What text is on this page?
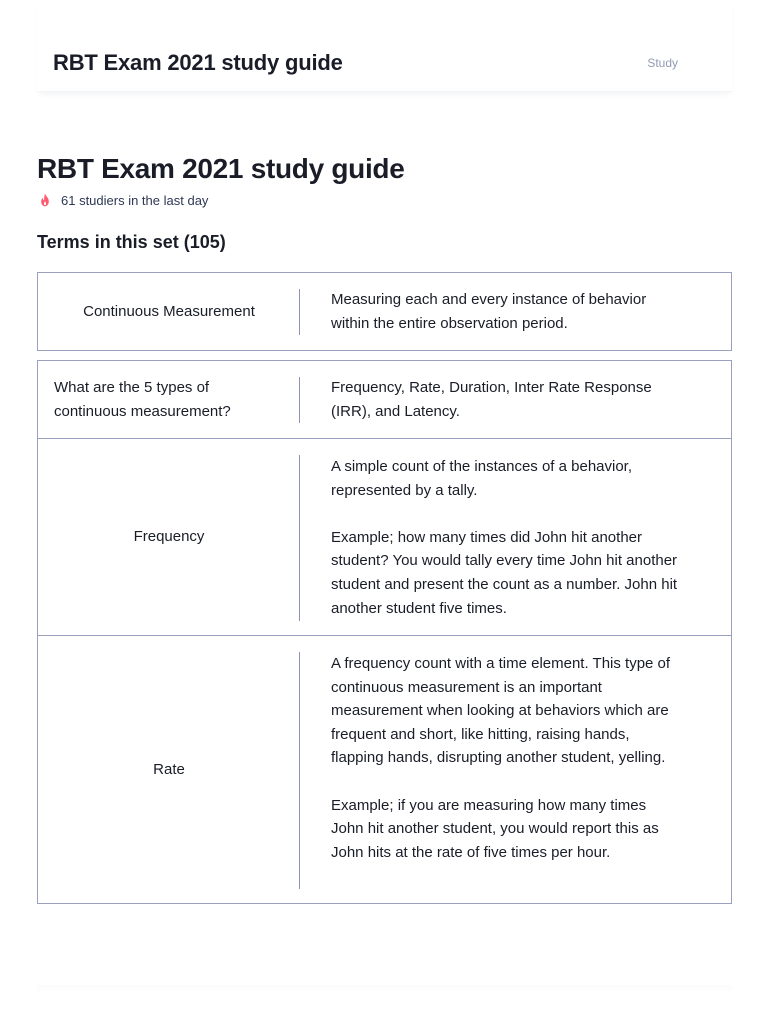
RBT Exam 2021 study guide	Study
RBT Exam 2021 study guide
61 studiers in the last day
Terms in this set (105)
Continuous Measurement
Measuring each and every instance of behavior within the entire observation period.
What are the 5 types of continuous measurement?
Frequency, Rate, Duration, Inter Rate Response (IRR), and Latency.
Frequency
A simple count of the instances of a behavior, represented by a tally.

Example; how many times did John hit another student? You would tally every time John hit another student and present the count as a number. John hit another student five times.
Rate
A frequency count with a time element. This type of continuous measurement is an important measurement when looking at behaviors which are frequent and short, like hitting, raising hands, flapping hands, disrupting another student, yelling.

Example; if you are measuring how many times John hit another student, you would report this as John hits at the rate of five times per hour.
